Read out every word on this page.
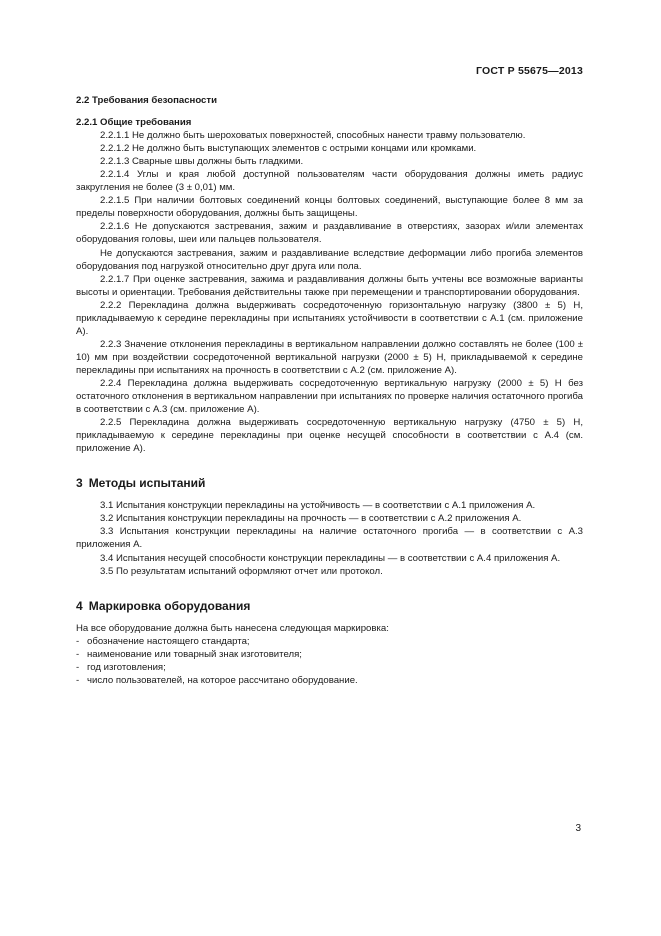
ГОСТ Р 55675—2013

2.2 Требования безопасности

2.2.1 Общие требования

2.2.1.1 Не должно быть шероховатых поверхностей, способных нанести травму пользователю.

2.2.1.2 Не должно быть выступающих элементов с острыми концами или кромками.

2.2.1.3 Сварные швы должны быть гладкими.

2.2.1.4 Углы и края любой доступной пользователям части оборудования должны иметь радиус закругления не более (3 ± 0,01) мм.

2.2.1.5 При наличии болтовых соединений концы болтовых соединений, выступающие более 8 мм за пределы поверхности оборудования, должны быть защищены.

2.2.1.6 Не допускаются застревания, зажим и раздавливание в отверстиях, зазорах и/или элементах оборудования головы, шеи или пальцев пользователя.

Не допускаются застревания, зажим и раздавливание вследствие деформации либо прогиба элементов оборудования под нагрузкой относительно друг друга или пола.

2.2.1.7 При оценке застревания, зажима и раздавливания должны быть учтены все возможные варианты высоты и ориентации. Требования действительны также при перемещении и транспортировании оборудования.

2.2.2 Перекладина должна выдерживать сосредоточенную горизонтальную нагрузку (3800 ± 5) Н, прикладываемую к середине перекладины при испытаниях устойчивости в соответствии с А.1 (см. приложение А).

2.2.3 Значение отклонения перекладины в вертикальном направлении должно составлять не более (100 ± 10) мм при воздействии сосредоточенной вертикальной нагрузки (2000 ± 5) Н, прикладываемой к середине перекладины при испытаниях на прочность в соответствии с А.2 (см. приложение А).

2.2.4 Перекладина должна выдерживать сосредоточенную вертикальную нагрузку (2000 ± 5) Н без остаточного отклонения в вертикальном направлении при испытаниях по проверке наличия остаточного прогиба в соответствии с А.3 (см. приложение А).

2.2.5 Перекладина должна выдерживать сосредоточенную вертикальную нагрузку (4750 ± 5) Н, прикладываемую к середине перекладины при оценке несущей способности в соответствии с А.4 (см. приложение А).

3 Методы испытаний

3.1 Испытания конструкции перекладины на устойчивость — в соответствии с А.1 приложения А.

3.2 Испытания конструкции перекладины на прочность — в соответствии с А.2 приложения А.

3.3 Испытания конструкции перекладины на наличие остаточного прогиба — в соответствии с А.3 приложения А.

3.4 Испытания несущей способности конструкции перекладины — в соответствии с А.4 приложения А.

3.5 По результатам испытаний оформляют отчет или протокол.

4 Маркировка оборудования

На все оборудование должна быть нанесена следующая маркировка:

- обозначение настоящего стандарта;
- наименование или товарный знак изготовителя;
- год изготовления;
- число пользователей, на которое рассчитано оборудование.
3
